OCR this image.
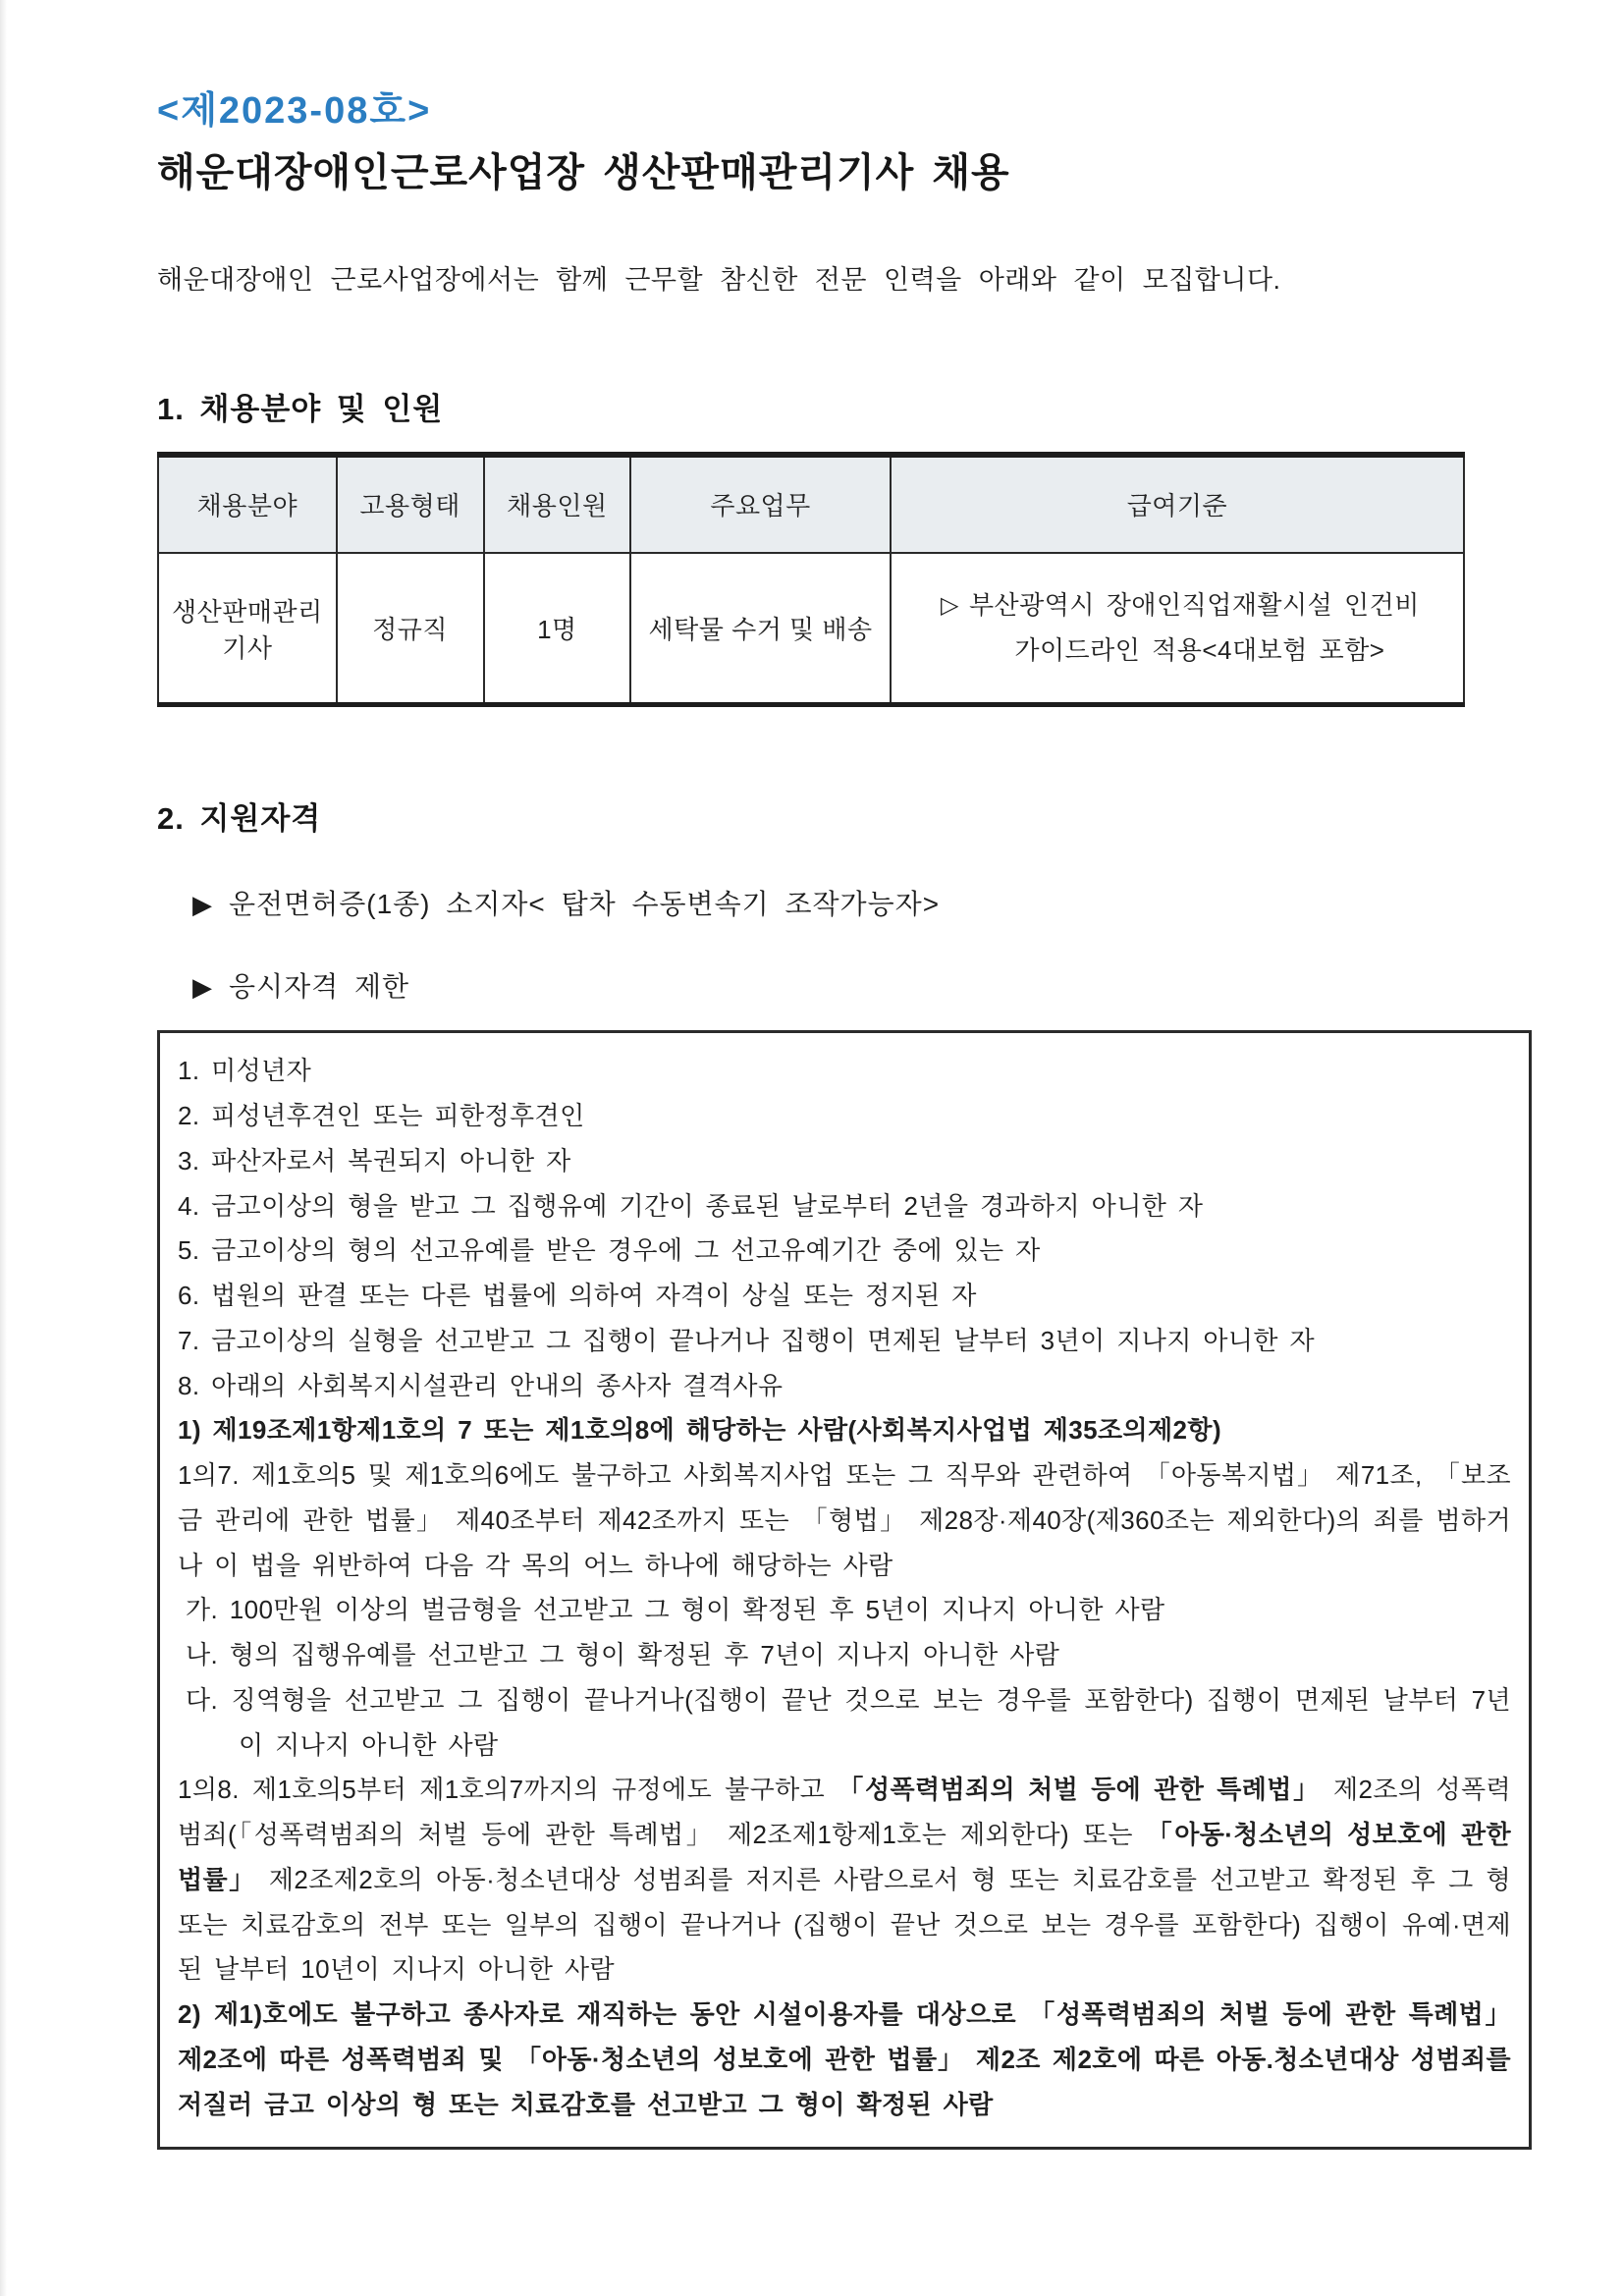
<제2023-08호>
해운대장애인근로사업장 생산판매관리기사 채용

해운대장애인 근로사업장에서는 함께 근무할 참신한 전문 인력을 아래와 같이 모집합니다.

1. 채용분야 및 인원
채용분야	고용형태	채용인원	주요업무	급여기준
생산판매관리기사	정규직	1명	세탁물 수거 및 배송	▷ 부산광역시 장애인직업재활시설 인건비
가이드라인 적용<4대보험 포함>
2. 지원자격
▶ 운전면허증(1종) 소지자< 탑차 수동변속기 조작가능자>
▶ 응시자격 제한
1. 미성년자
2. 피성년후견인 또는 피한정후견인
3. 파산자로서 복권되지 아니한 자
4. 금고이상의 형을 받고 그 집행유예 기간이 종료된 날로부터 2년을 경과하지 아니한 자
5. 금고이상의 형의 선고유예를 받은 경우에 그 선고유예기간 중에 있는 자
6. 법원의 판결 또는 다른 법률에 의하여 자격이 상실 또는 정지된 자
7. 금고이상의 실형을 선고받고 그 집행이 끝나거나 집행이 면제된 날부터 3년이 지나지 아니한 자
8. 아래의 사회복지시설관리 안내의 종사자 결격사유
1) 제19조제1항제1호의 7 또는 제1호의8에 해당하는 사람(사회복지사업법 제35조의제2항)
1의7. 제1호의5 및 제1호의6에도 불구하고 사회복지사업 또는 그 직무와 관련하여 「아동복지법」 제71조, 「보조금 관리에 관한 법률」 제40조부터 제42조까지 또는 「형법」 제28장·제40장(제360조는 제외한다)의 죄를 범하거나 이 법을 위반하여 다음 각 목의 어느 하나에 해당하는 사람
가. 100만원 이상의 벌금형을 선고받고 그 형이 확정된 후 5년이 지나지 아니한 사람
나. 형의 집행유예를 선고받고 그 형이 확정된 후 7년이 지나지 아니한 사람
다. 징역형을 선고받고 그 집행이 끝나거나(집행이 끝난 것으로 보는 경우를 포함한다) 집행이 면제된 날부터 7년이 지나지 아니한 사람
1의8. 제1호의5부터 제1호의7까지의 규정에도 불구하고 「성폭력범죄의 처벌 등에 관한 특례법」 제2조의 성폭력범죄(「성폭력범죄의 처벌 등에 관한 특례법」 제2조제1항제1호는 제외한다) 또는 「아동·청소년의 성보호에 관한 법률」 제2조제2호의 아동·청소년대상 성범죄를 저지른 사람으로서 형 또는 치료감호를 선고받고 확정된 후 그 형 또는 치료감호의 전부 또는 일부의 집행이 끝나거나 (집행이 끝난 것으로 보는 경우를 포함한다) 집행이 유예·면제된 날부터 10년이 지나지 아니한 사람
2) 제1)호에도 불구하고 종사자로 재직하는 동안 시설이용자를 대상으로 「성폭력범죄의 처벌 등에 관한 특례법」 제2조에 따른 성폭력범죄 및 「아동·청소년의 성보호에 관한 법률」 제2조 제2호에 따른 아동.청소년대상 성범죄를 저질러 금고 이상의 형 또는 치료감호를 선고받고 그 형이 확정된 사람
